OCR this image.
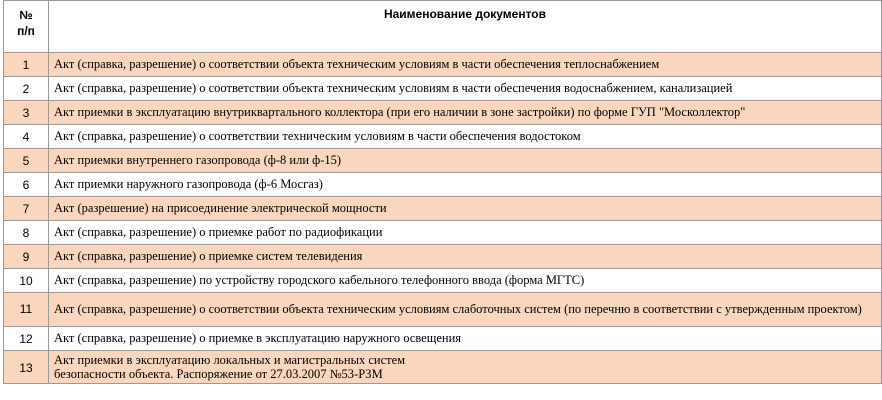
№
п/п	Наименование документов
1	Акт (справка, разрешение) о соответствии объекта техническим условиям в части обеспечения теплоснабжением
2	Акт (справка, разрешение) о соответствии объекта техническим условиям в части обеспечения водоснабжением, канализацией
3	Акт приемки в эксплуатацию внутриквартального коллектора (при его наличии в зоне застройки) по форме ГУП "Москоллектор"
4	Акт (справка, разрешение) о соответствии техническим условиям в части обеспечения водостоком
5	Акт приемки внутреннего газопровода (ф-8 или ф-15)
6	Акт приемки наружного газопровода (ф-6 Мосгаз)
7	Акт (разрешение) на присоединение электрической мощности
8	Акт (справка, разрешение) о приемке работ по радиофикации
9	Акт (справка, разрешение) о приемке систем телевидения
10	Акт (справка, разрешение) по устройству городского кабельного телефонного ввода (форма МГТС)
11	Акт (справка, разрешение) о соответствии объекта техническим условиям слаботочных систем (по перечню в соответствии с утвержденным проектом)
12	Акт (справка, разрешение) о приемке в эксплуатацию наружного освещения
13	Акт приемки в эксплуатацию локальных и магистральных систем
безопасности объекта. Распоряжение от 27.03.2007 №53-РЗМ
